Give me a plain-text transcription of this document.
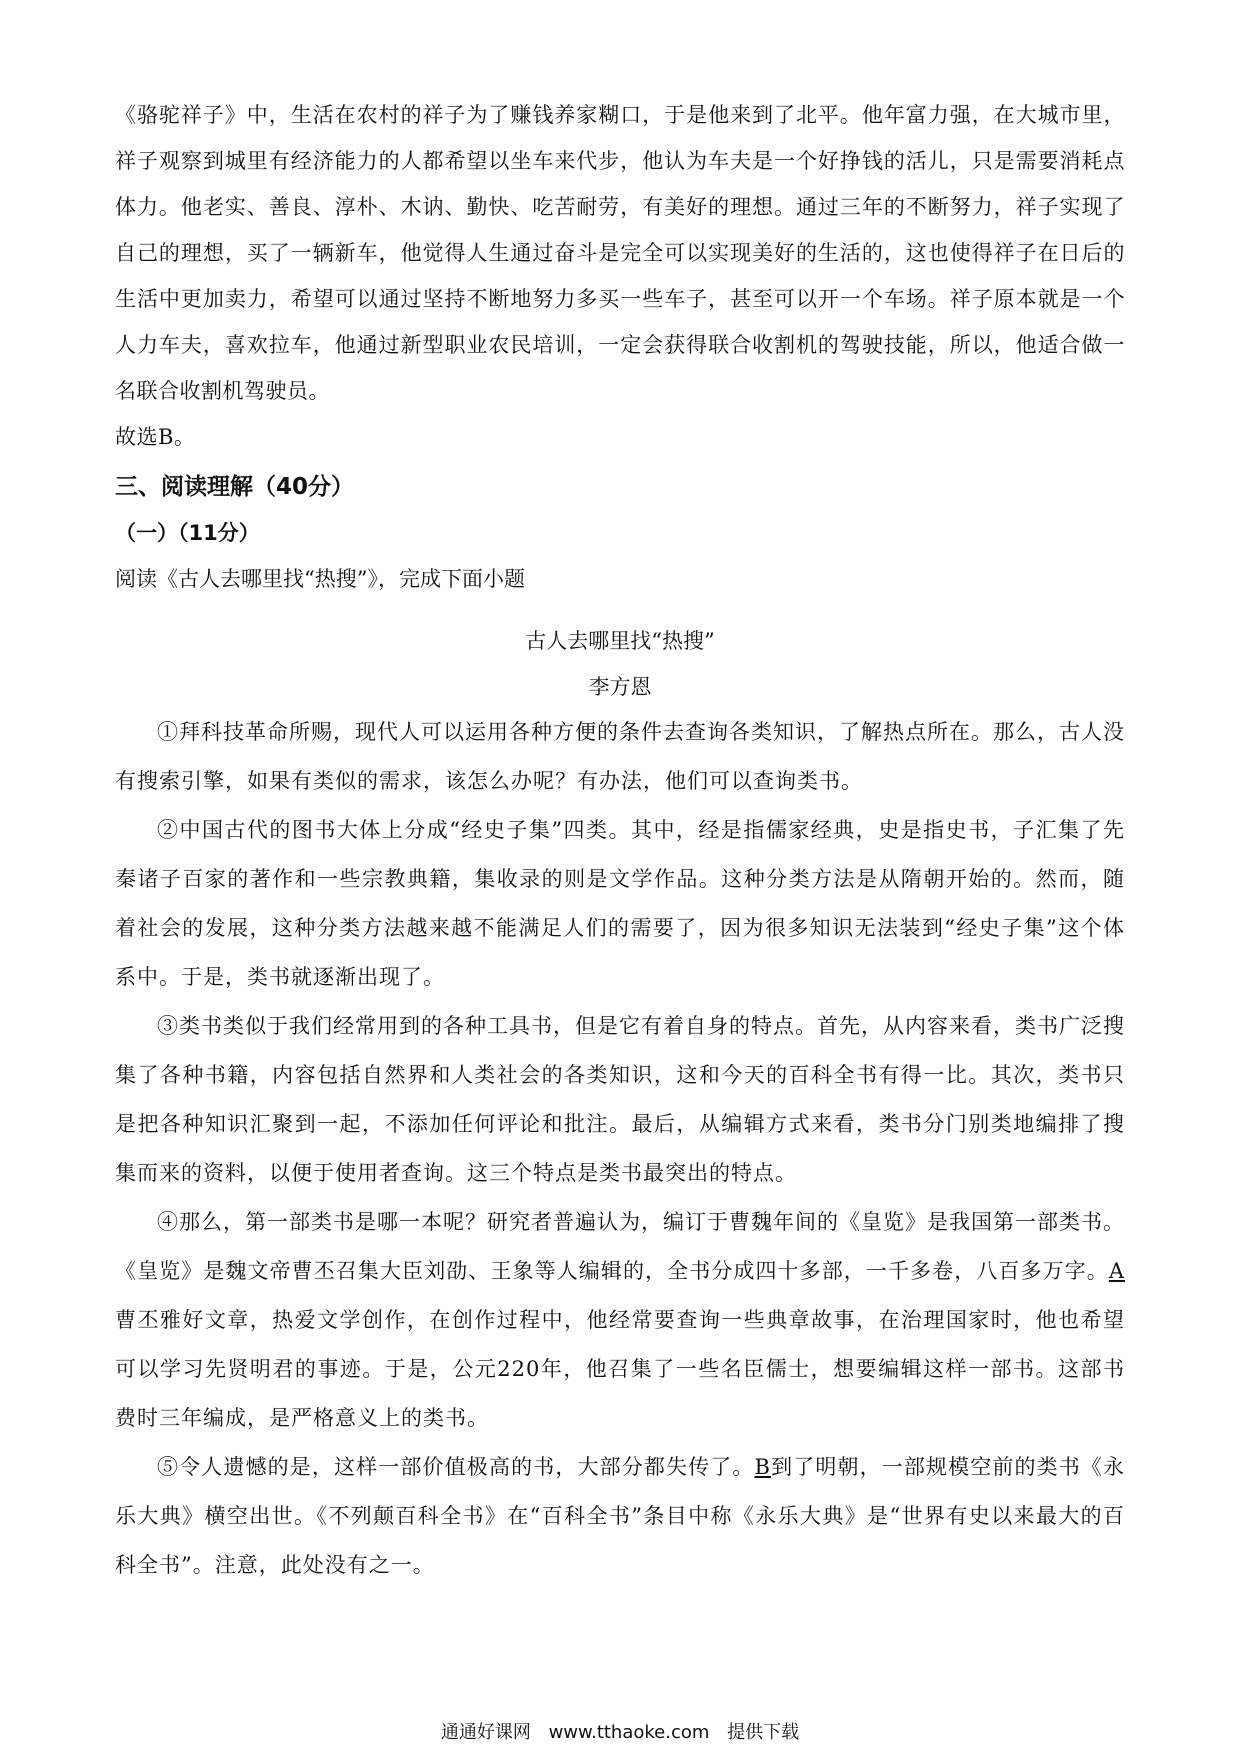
《骆驼祥子》中，生活在农村的祥子为了赚钱养家糊口，于是他来到了北平。他年富力强，在大城市里，祥子观察到城里有经济能力的人都希望以坐车来代步，他认为车夫是一个好挣钱的活儿，只是需要消耗点体力。他老实、善良、淳朴、木讷、勤快、吃苦耐劳，有美好的理想。通过三年的不断努力，祥子实现了自己的理想，买了一辆新车，他觉得人生通过奋斗是完全可以实现美好的生活的，这也使得祥子在日后的生活中更加卖力，希望可以通过坚持不断地努力多买一些车子，甚至可以开一个车场。祥子原本就是一个人力车夫，喜欢拉车，他通过新型职业农民培训，一定会获得联合收割机的驾驶技能，所以，他适合做一名联合收割机驾驶员。

故选B。

三、阅读理解（40分）

（一）（11分）

阅读《古人去哪里找“热搜”》，完成下面小题

古人去哪里找“热搜”

李方恩

①拜科技革命所赐，现代人可以运用各种方便的条件去查询各类知识，了解热点所在。那么，古人没有搜索引擎，如果有类似的需求，该怎么办呢？有办法，他们可以查询类书。

②中国古代的图书大体上分成“经史子集”四类。其中，经是指儒家经典，史是指史书，子汇集了先秦诸子百家的著作和一些宗教典籍，集收录的则是文学作品。这种分类方法是从隋朝开始的。然而，随着社会的发展，这种分类方法越来越不能满足人们的需要了，因为很多知识无法装到“经史子集”这个体系中。于是，类书就逐渐出现了。

③类书类似于我们经常用到的各种工具书，但是它有着自身的特点。首先，从内容来看，类书广泛搜集了各种书籍，内容包括自然界和人类社会的各类知识，这和今天的百科全书有得一比。其次，类书只是把各种知识汇聚到一起，不添加任何评论和批注。最后，从编辑方式来看，类书分门别类地编排了搜集而来的资料，以便于使用者查询。这三个特点是类书最突出的特点。

④那么，第一部类书是哪一本呢？研究者普遍认为，编订于曹魏年间的《皇览》是我国第一部类书。《皇览》是魏文帝曹丕召集大臣刘劭、王象等人编辑的，全书分成四十多部，一千多卷，八百多万字。A曹丕雅好文章，热爱文学创作，在创作过程中，他经常要查询一些典章故事，在治理国家时，他也希望可以学习先贤明君的事迹。于是，公元220年，他召集了一些名臣儒士，想要编辑这样一部书。这部书费时三年编成，是严格意义上的类书。

⑤令人遗憾的是，这样一部价值极高的书，大部分都失传了。B到了明朝，一部规模空前的类书《永乐大典》横空出世。《不列颠百科全书》在“百科全书”条目中称《永乐大典》是“世界有史以来最大的百科全书”。注意，此处没有之一。

通通好课网 www.tthaoke.com 提供下载
